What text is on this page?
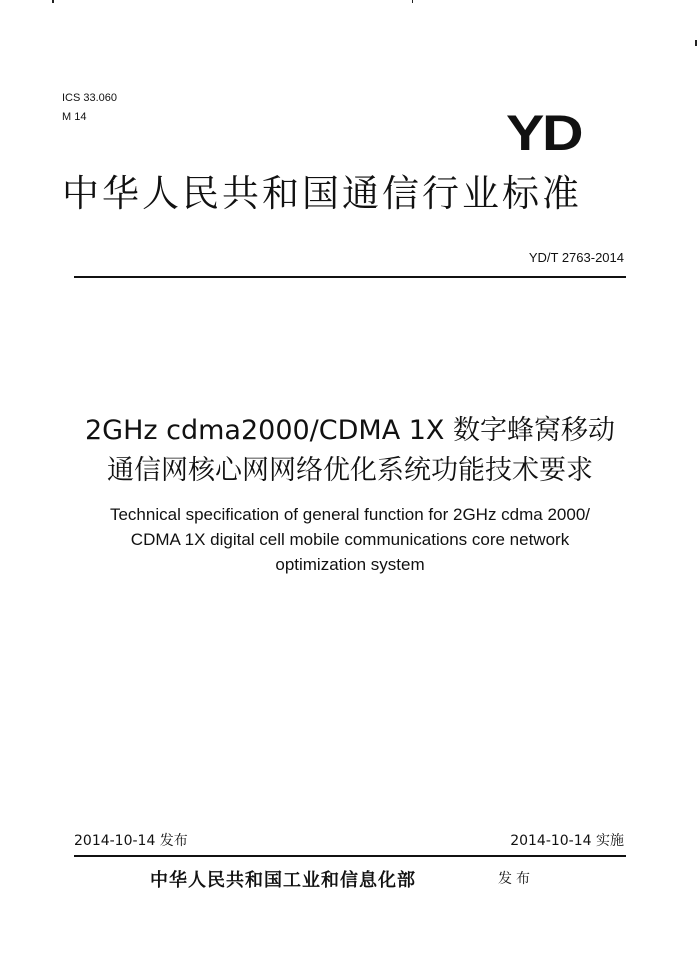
ICS 33.060
M 14	YD
中华人民共和国通信行业标准
YD/T 2763-2014
2GHz cdma2000/CDMA 1X 数字蜂窝移动
通信网核心网网络优化系统功能技术要求
Technical specification of general function for 2GHz cdma 2000/
CDMA 1X digital cell mobile communications core network
optimization system
2014-10-14 发布	2014-10-14 实施
中华人民共和国工业和信息化部	发布
